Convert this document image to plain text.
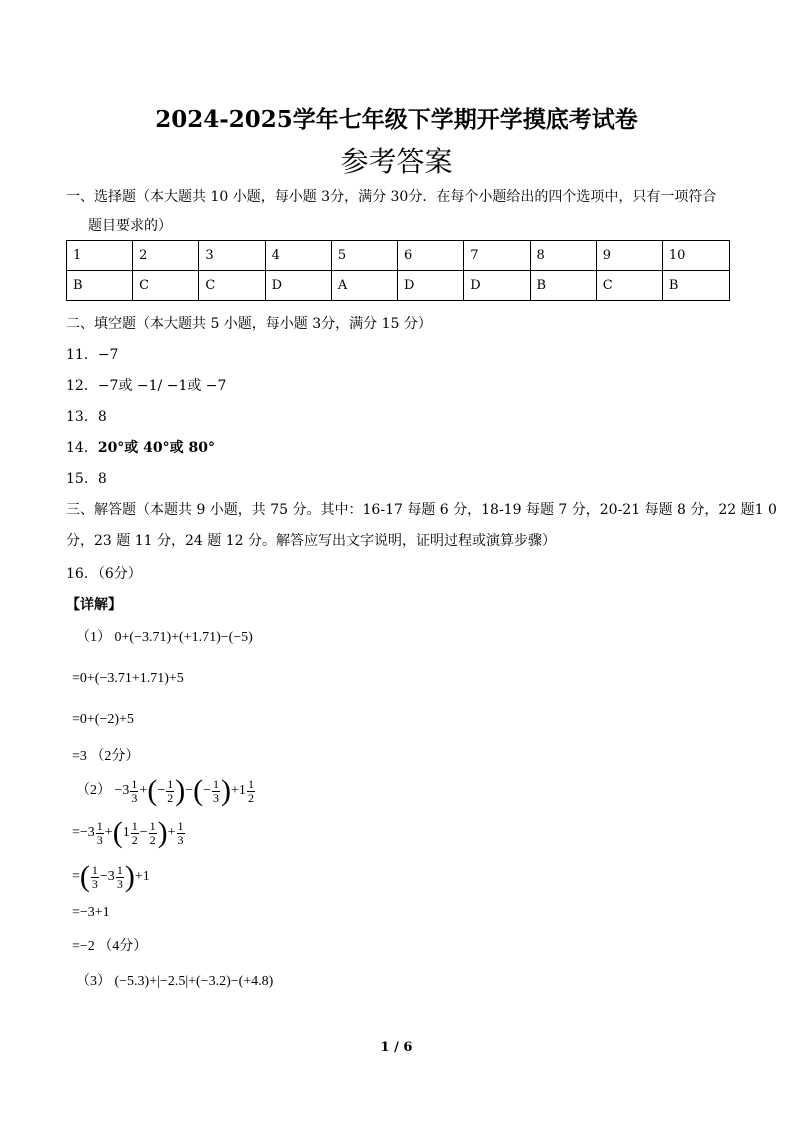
2024-2025学年七年级下学期开学摸底考试卷
参考答案
一、选择题（本大题共 10 小题，每小题 3分，满分 30分．在每个小题给出的四个选项中，只有一项符合
题目要求的）
1	2	3	4	5	6	7	8	9	10
B	C	C	D	A	D	D	B	C	B
二、填空题（本大题共 5 小题，每小题 3分，满分 15 分）
11．−7
12．−7或 −1/ −1或 −7
13．8
14．20°或 40°或 80°
15．8
三、解答题（本题共 9 小题，共 75 分。其中：16-17 每题 6 分，18-19 每题 7 分，20-21 每题 8 分，22 题1 0
分，23 题 11 分，24 题 12 分。解答应写出文字说明，证明过程或演算步骤）
16．（6分）
【详解】
（1） 0+(−3.71)+(+1.71)−(−5)
=0+(−3.71+1.71)+5
=0+(−2)+5
=3 （2分）
$(2) -3 \frac{1}{3}$ +(− $\frac{1}{2}$ )−(− $\frac{1}{3} )+1 \frac{1}{2}$
$=-3 \frac{1}{3} +(1 \frac{1}{2} - \frac{1}{2}$ )+ $\frac{1}{3}$
=( $\frac{1}{3} -3 \frac{1}{3} )+1$
=−3+1
=−2 （4分）
（3） (−5.3)+|−2.5|+(−3.2)−(+4.8)
1 / 6
